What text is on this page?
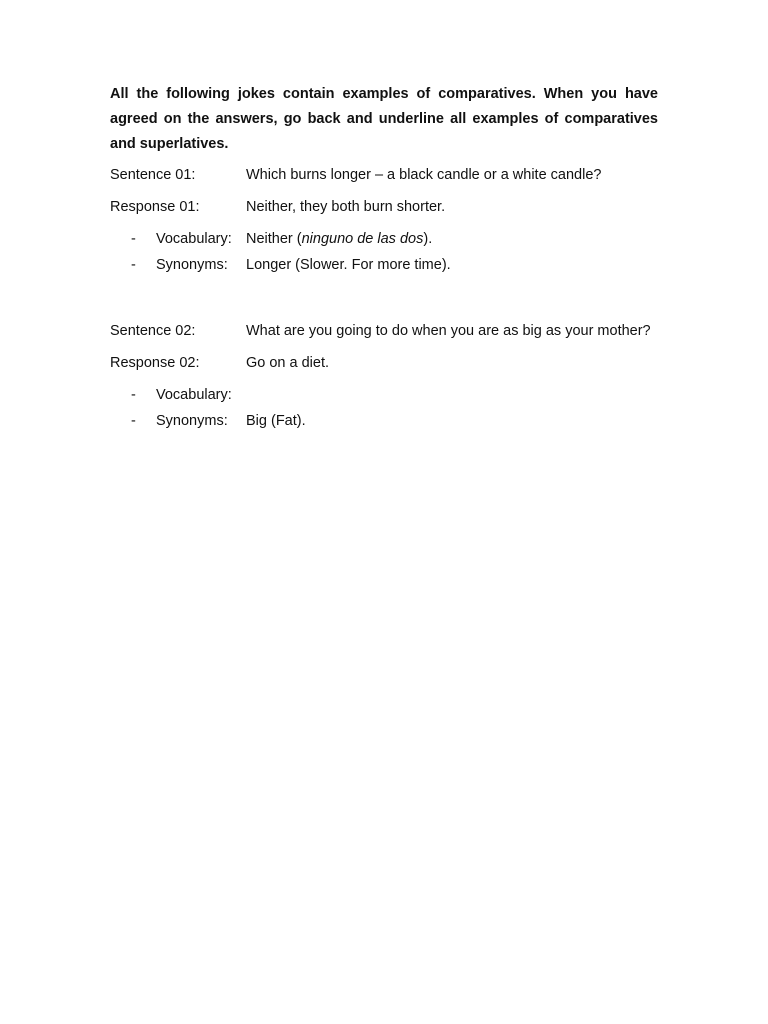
All the following jokes contain examples of comparatives. When you have agreed on the answers, go back and underline all examples of comparatives and superlatives.

Sentence 01:	Which burns longer – a black candle or a white candle?
Response 01:	Neither, they both burn shorter.
-	Vocabulary: Neither (ninguno de las dos).
-	Synonyms:	Longer (Slower. For more time).
Sentence 02:	What are you going to do when you are as big as your mother?
Response 02:	Go on a diet.
-	Vocabulary:
-	Synonyms:	Big (Fat).
